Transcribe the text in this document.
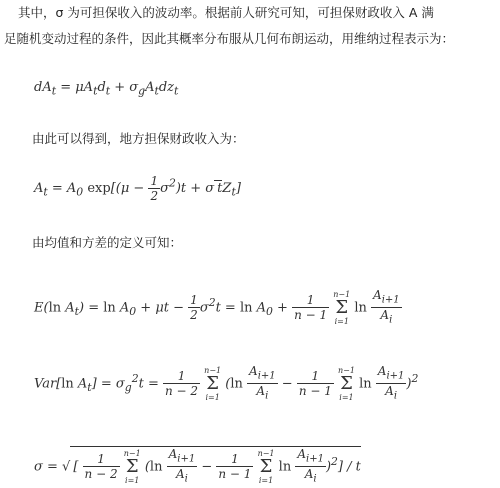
其中，σ 为可担保收入的波动率。根据前人研究可知，可担保财政收入 A 满
足随机变动过程的条件，因此其概率分布服从几何布朗运动，用维纳过程表示为：
$dA_t = \mu A_td_t + \sigma_gA_tdz_t$
由此可以得到，地方担保财政收入为：
$A_t = A_0$ $\exp[(\mu - \frac{1}{2} \sigma^2)t + \sigma$ $tZ_t$]
由均值和方差的定义可知：
E(ln $A_t) = \ln A_0 + \mu t - \frac{1}{2} \sigma^2t = \ln A_0 + \frac{1}{n - 1}$
n−1
Σ
i=1
$\ln \frac{A_{i+1}}{A_i}$
Var[ln $A_t] = \sigma_g^2t = \frac{1}{n - 2}$
n−1
Σ
i=1
($\ln \frac{A_{i+1}}{A_i} - \frac{1}{n - 1}$
n−1
Σ
i=1
$\ln \frac{A_{i+1}}{A_i} )^2$
σ = √ [ $\frac{1}{n - 2}$
n−1
Σ
i=1
($\ln \frac{A_{i+1}}{A_i} - \frac{1}{n - 1}$
n−1
Σ
i=1
$\ln \frac{A_{i+1}}{A_i} )^2$] / t
